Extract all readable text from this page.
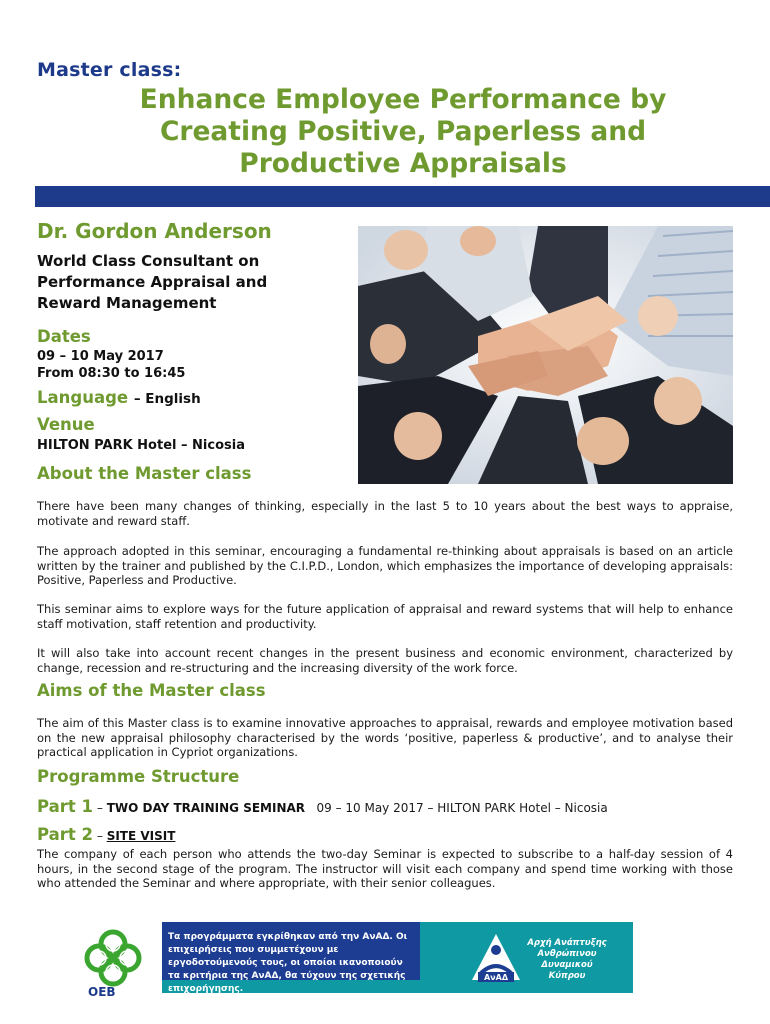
Master class:
Enhance Employee Performance by
Creating Positive, Paperless and
Productive Appraisals
Dr. Gordon Anderson
World Class Consultant on
Performance Appraisal and
Reward Management
Dates
09 – 10 May 2017
From 08:30 to 16:45
Language – English
Venue
HILTON PARK Hotel – Nicosia
About the Master class
There have been many changes of thinking, especially in the last 5 to 10 years about the best ways to appraise, motivate and reward staff.
The approach adopted in this seminar, encouraging a fundamental re-thinking about appraisals is based on an article written by the trainer and published by the C.I.P.D., London, which emphasizes the importance of developing appraisals: Positive, Paperless and Productive.
This seminar aims to explore ways for the future application of appraisal and reward systems that will help to enhance staff motivation, staff retention and productivity.
It will also take into account recent changes in the present business and economic environment, characterized by change, recession and re-structuring and the increasing diversity of the work force.
Aims of the Master class
The aim of this Master class is to examine innovative approaches to appraisal, rewards and employee motivation based on the new appraisal philosophy characterised by the words ‘positive, paperless & productive’, and to analyse their practical application in Cypriot organizations.
Programme Structure
Part 1 – TWO DAY TRAINING SEMINAR 09 – 10 May 2017 – HILTON PARK Hotel – Nicosia
Part 2 – SITE VISIT
The company of each person who attends the two-day Seminar is expected to subscribe to a half-day session of 4 hours, in the second stage of the program. The instructor will visit each company and spend time working with those who attended the Seminar and where appropriate, with their senior colleagues.
OEB
Τα προγράμματα εγκρίθηκαν από την ΑνΑΔ. Οι επιχειρήσεις που συμμετέχουν με εργοδοτούμενούς τους, οι οποίοι ικανοποιούν τα κριτήρια της ΑνΑΔ, θα τύχουν της σχετικής επιχορήγησης.
ΑνΑΔ
Αρχή Ανάπτυξης
Ανθρώπινου
Δυναμικού
Κύπρου
